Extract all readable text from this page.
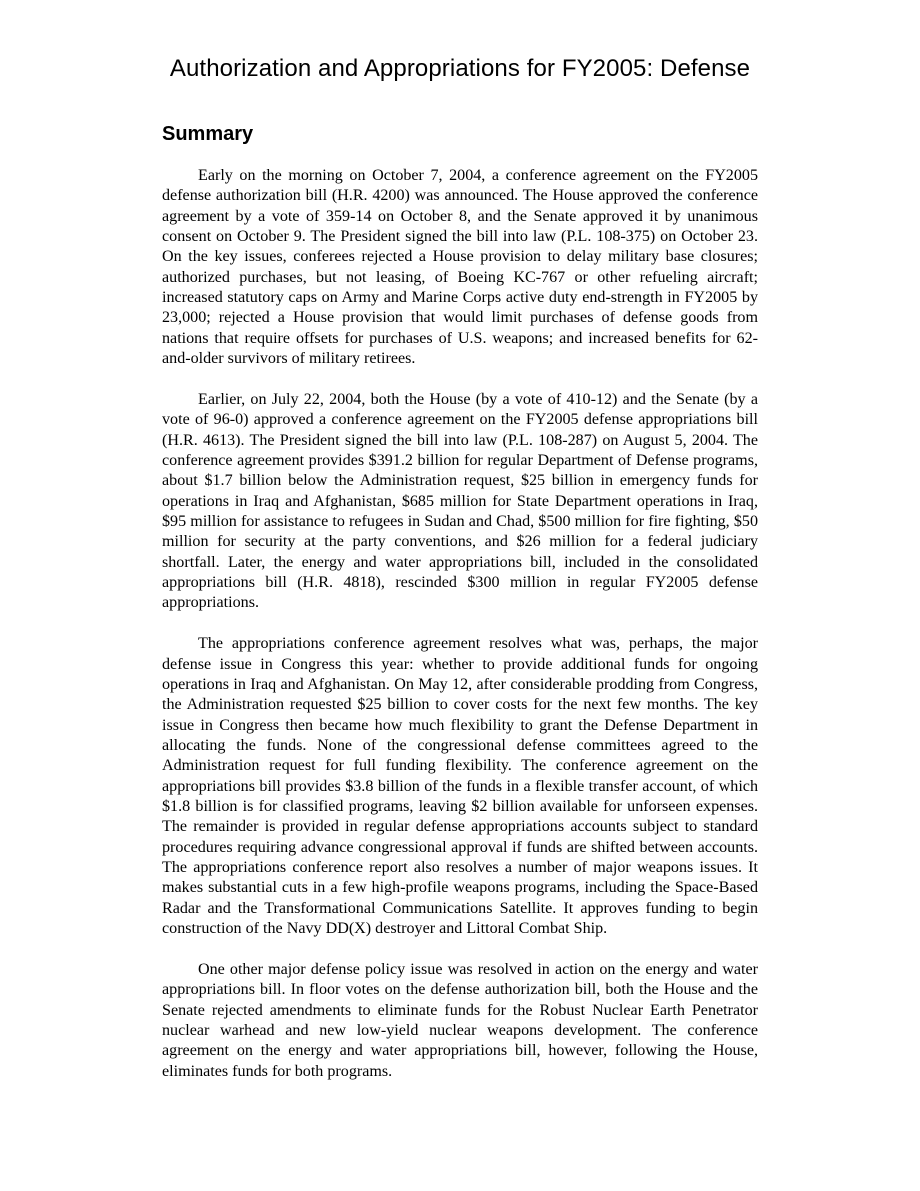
Authorization and Appropriations for FY2005: Defense
Summary

Early on the morning on October 7, 2004, a conference agreement on the FY2005 defense authorization bill (H.R. 4200) was announced. The House approved the conference agreement by a vote of 359-14 on October 8, and the Senate approved it by unanimous consent on October 9. The President signed the bill into law (P.L. 108-375) on October 23. On the key issues, conferees rejected a House provision to delay military base closures; authorized purchases, but not leasing, of Boeing KC-767 or other refueling aircraft; increased statutory caps on Army and Marine Corps active duty end-strength in FY2005 by 23,000; rejected a House provision that would limit purchases of defense goods from nations that require offsets for purchases of U.S. weapons; and increased benefits for 62-and-older survivors of military retirees.

Earlier, on July 22, 2004, both the House (by a vote of 410-12) and the Senate (by a vote of 96-0) approved a conference agreement on the FY2005 defense appropriations bill (H.R. 4613). The President signed the bill into law (P.L. 108-287) on August 5, 2004. The conference agreement provides $391.2 billion for regular Department of Defense programs, about $1.7 billion below the Administration request, $25 billion in emergency funds for operations in Iraq and Afghanistan, $685 million for State Department operations in Iraq, $95 million for assistance to refugees in Sudan and Chad, $500 million for fire fighting, $50 million for security at the party conventions, and $26 million for a federal judiciary shortfall. Later, the energy and water appropriations bill, included in the consolidated appropriations bill (H.R. 4818), rescinded $300 million in regular FY2005 defense appropriations.

The appropriations conference agreement resolves what was, perhaps, the major defense issue in Congress this year: whether to provide additional funds for ongoing operations in Iraq and Afghanistan. On May 12, after considerable prodding from Congress, the Administration requested $25 billion to cover costs for the next few months. The key issue in Congress then became how much flexibility to grant the Defense Department in allocating the funds. None of the congressional defense committees agreed to the Administration request for full funding flexibility. The conference agreement on the appropriations bill provides $3.8 billion of the funds in a flexible transfer account, of which $1.8 billion is for classified programs, leaving $2 billion available for unforseen expenses. The remainder is provided in regular defense appropriations accounts subject to standard procedures requiring advance congressional approval if funds are shifted between accounts. The appropriations conference report also resolves a number of major weapons issues. It makes substantial cuts in a few high-profile weapons programs, including the Space-Based Radar and the Transformational Communications Satellite. It approves funding to begin construction of the Navy DD(X) destroyer and Littoral Combat Ship.

One other major defense policy issue was resolved in action on the energy and water appropriations bill. In floor votes on the defense authorization bill, both the House and the Senate rejected amendments to eliminate funds for the Robust Nuclear Earth Penetrator nuclear warhead and new low-yield nuclear weapons development. The conference agreement on the energy and water appropriations bill, however, following the House, eliminates funds for both programs.
